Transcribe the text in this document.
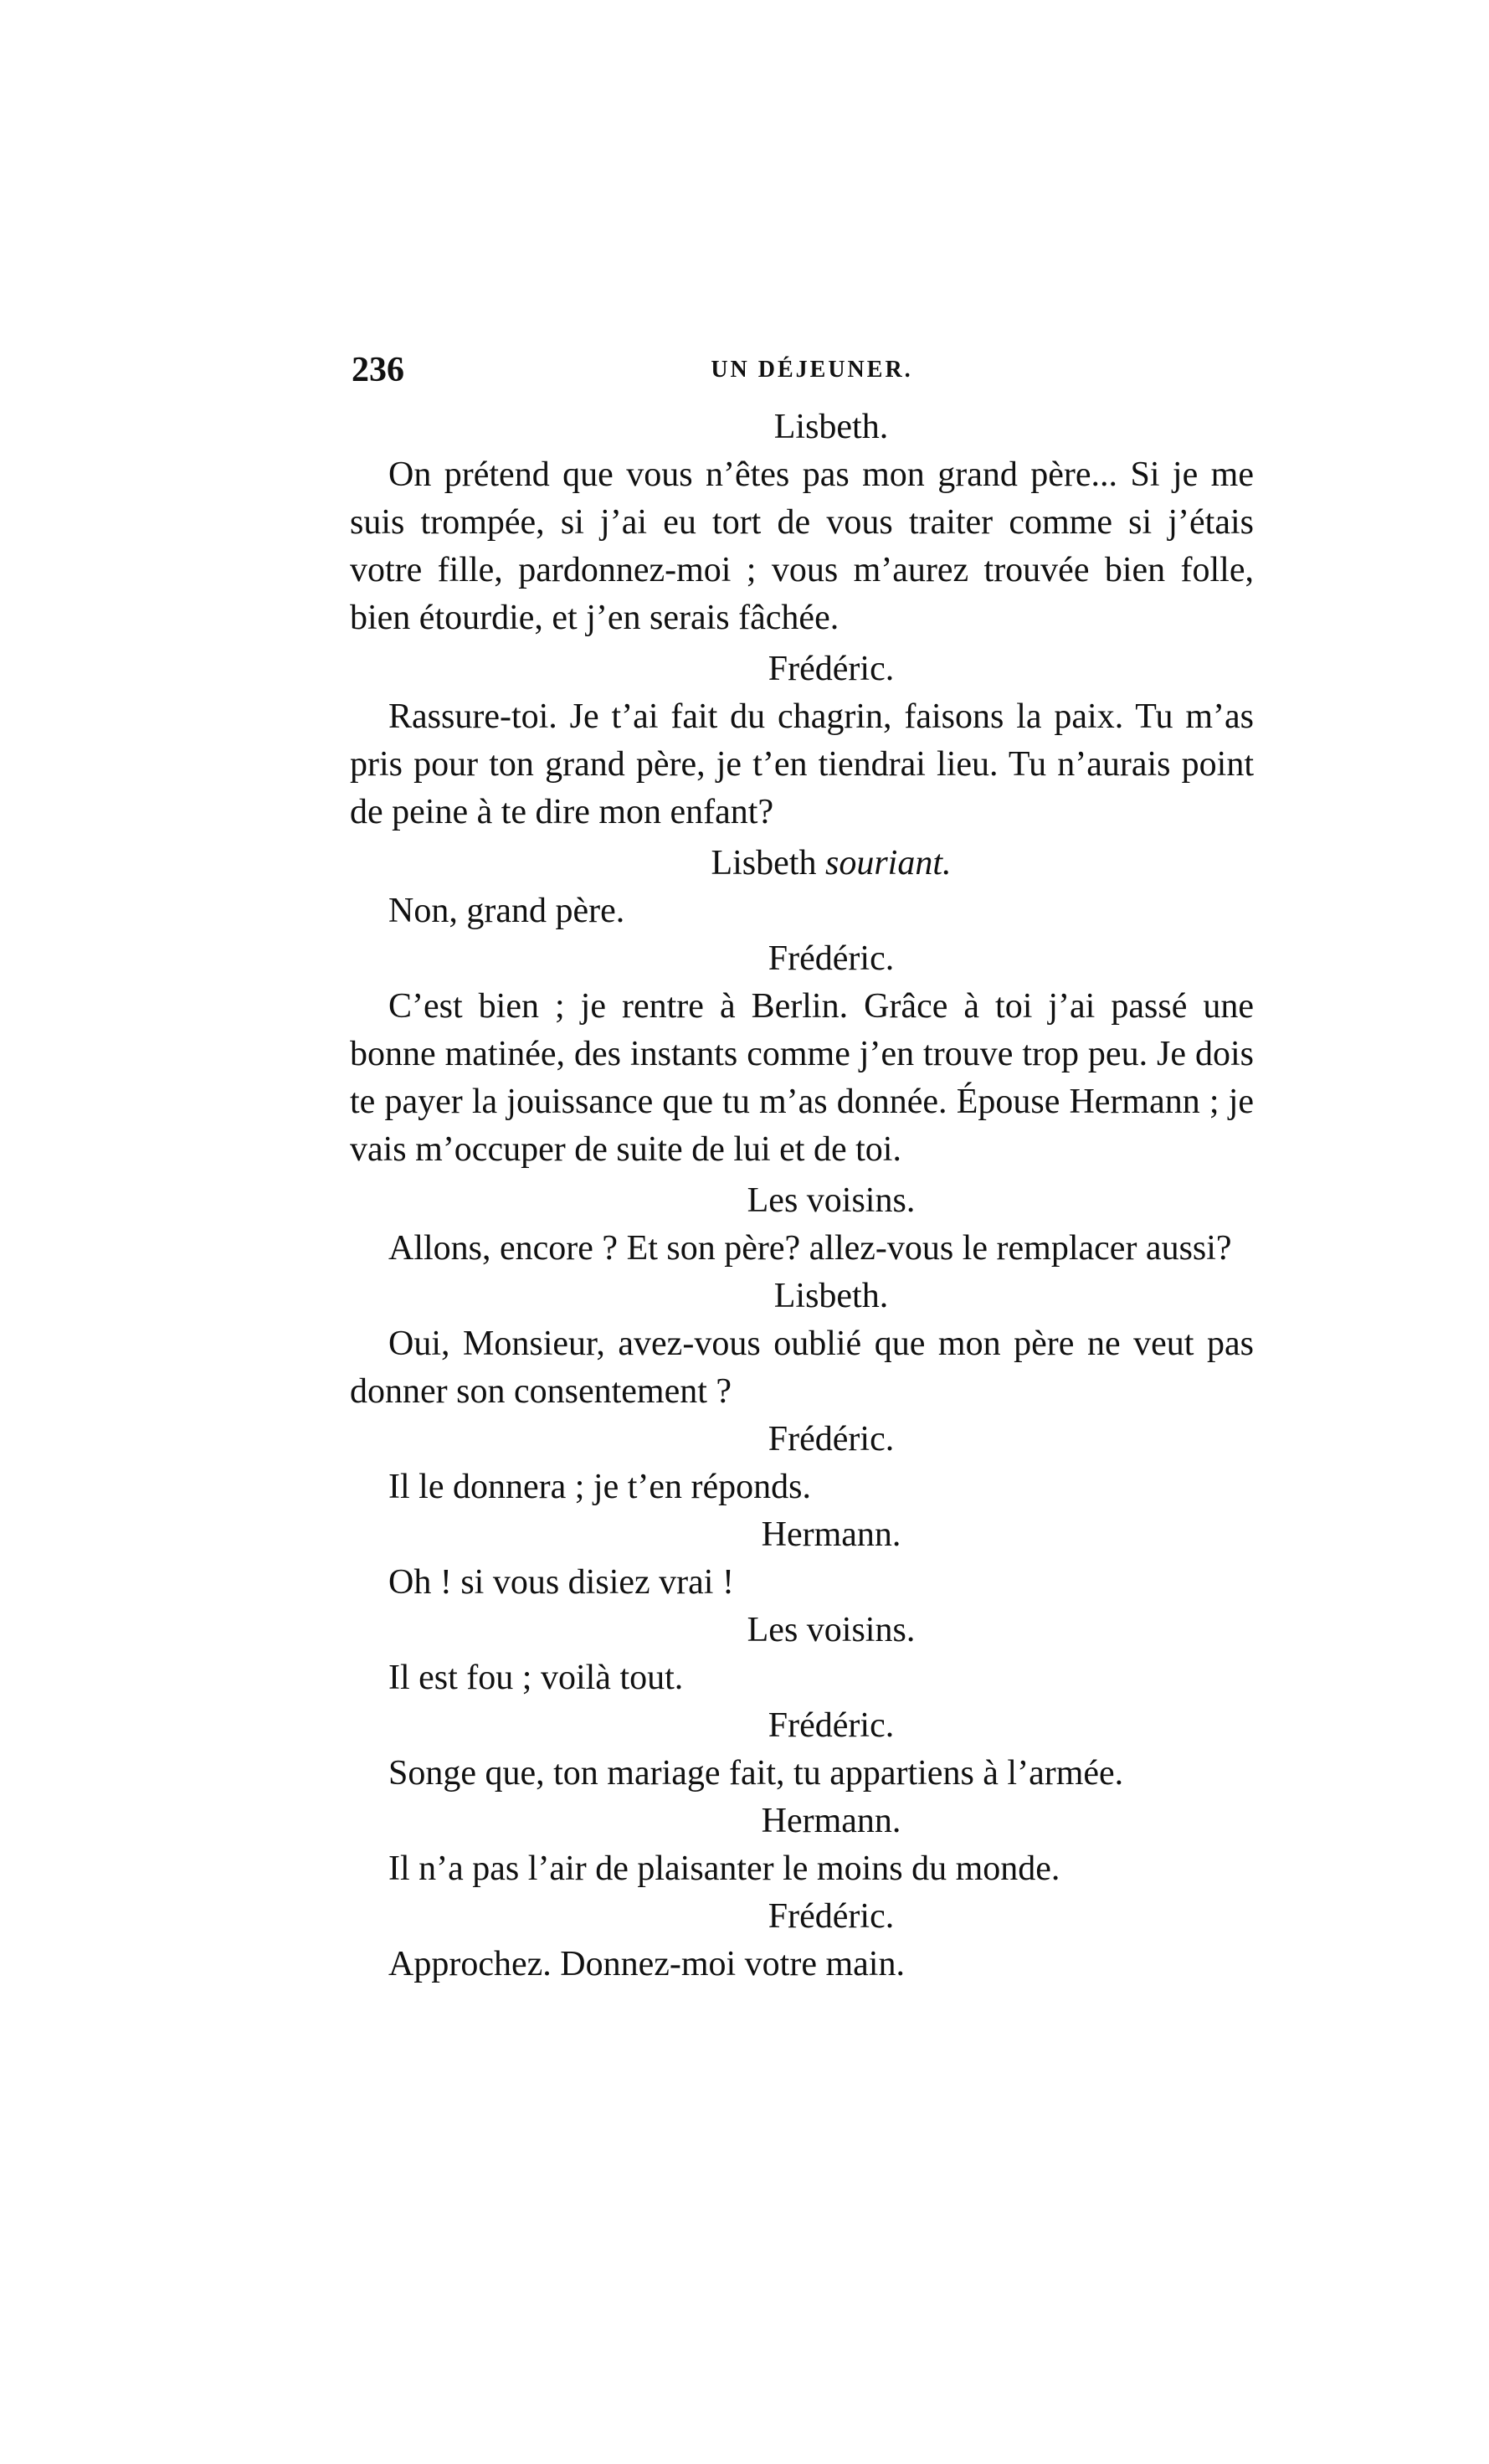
236	UN DÉJEUNER.

Lisbeth.

On prétend que vous n’êtes pas mon grand père... Si je me suis trompée, si j’ai eu tort de vous traiter comme si j’étais votre fille, pardonnez-moi ; vous m’aurez trouvée bien folle, bien étourdie, et j’en serais fâchée.

Frédéric.

Rassure-toi. Je t’ai fait du chagrin, faisons la paix. Tu m’as pris pour ton grand père, je t’en tiendrai lieu. Tu n’aurais point de peine à te dire mon enfant?

Lisbeth souriant.

Non, grand père.

Frédéric.

C’est bien ; je rentre à Berlin. Grâce à toi j’ai passé une bonne matinée, des instants comme j’en trouve trop peu. Je dois te payer la jouissance que tu m’as donnée. Épouse Hermann ; je vais m’occuper de suite de lui et de toi.

Les voisins.

Allons, encore ? Et son père? allez-vous le remplacer aussi?

Lisbeth.

Oui, Monsieur, avez-vous oublié que mon père ne veut pas donner son consentement ?

Frédéric.

Il le donnera ; je t’en réponds.

Hermann.

Oh ! si vous disiez vrai !

Les voisins.

Il est fou ; voilà tout.

Frédéric.

Songe que, ton mariage fait, tu appartiens à l’armée.

Hermann.

Il n’a pas l’air de plaisanter le moins du monde.

Frédéric.

Approchez. Donnez-moi votre main.
